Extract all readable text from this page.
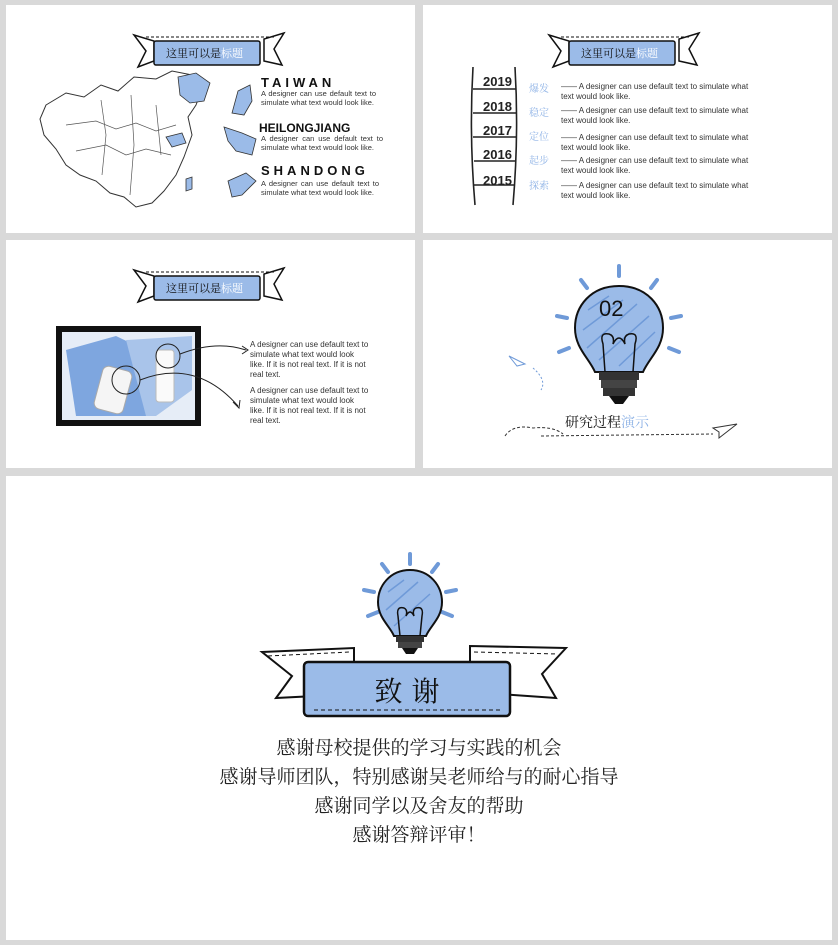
这里可以是标题
TAIWAN
A designer can use default text to simulate what text would look like.
HEILONGJIANG
A designer can use default text to simulate what text would look like.
SHANDONG
A designer can use default text to simulate what text would look like.
这里可以是标题
2019
2018
2017
2016
2015
爆发
稳定
定位
起步
探索
—— A designer can use default text to simulate what text would look like.
—— A designer can use default text to simulate what text would look like.
—— A designer can use default text to simulate what text would look like.
—— A designer can use default text to simulate what text would look like.
—— A designer can use default text to simulate what text would look like.
这里可以是标题
A designer can use default text to simulate what text would look like. If it is not real text. If it is not real text.
A designer can use default text to simulate what text would look like. If it is not real text. If it is not real text.
02
研究过程演示
致 谢
感谢母校提供的学习与实践的机会
感谢导师团队，特别感谢吴老师给与的耐心指导
感谢同学以及舍友的帮助
感谢答辩评审！
